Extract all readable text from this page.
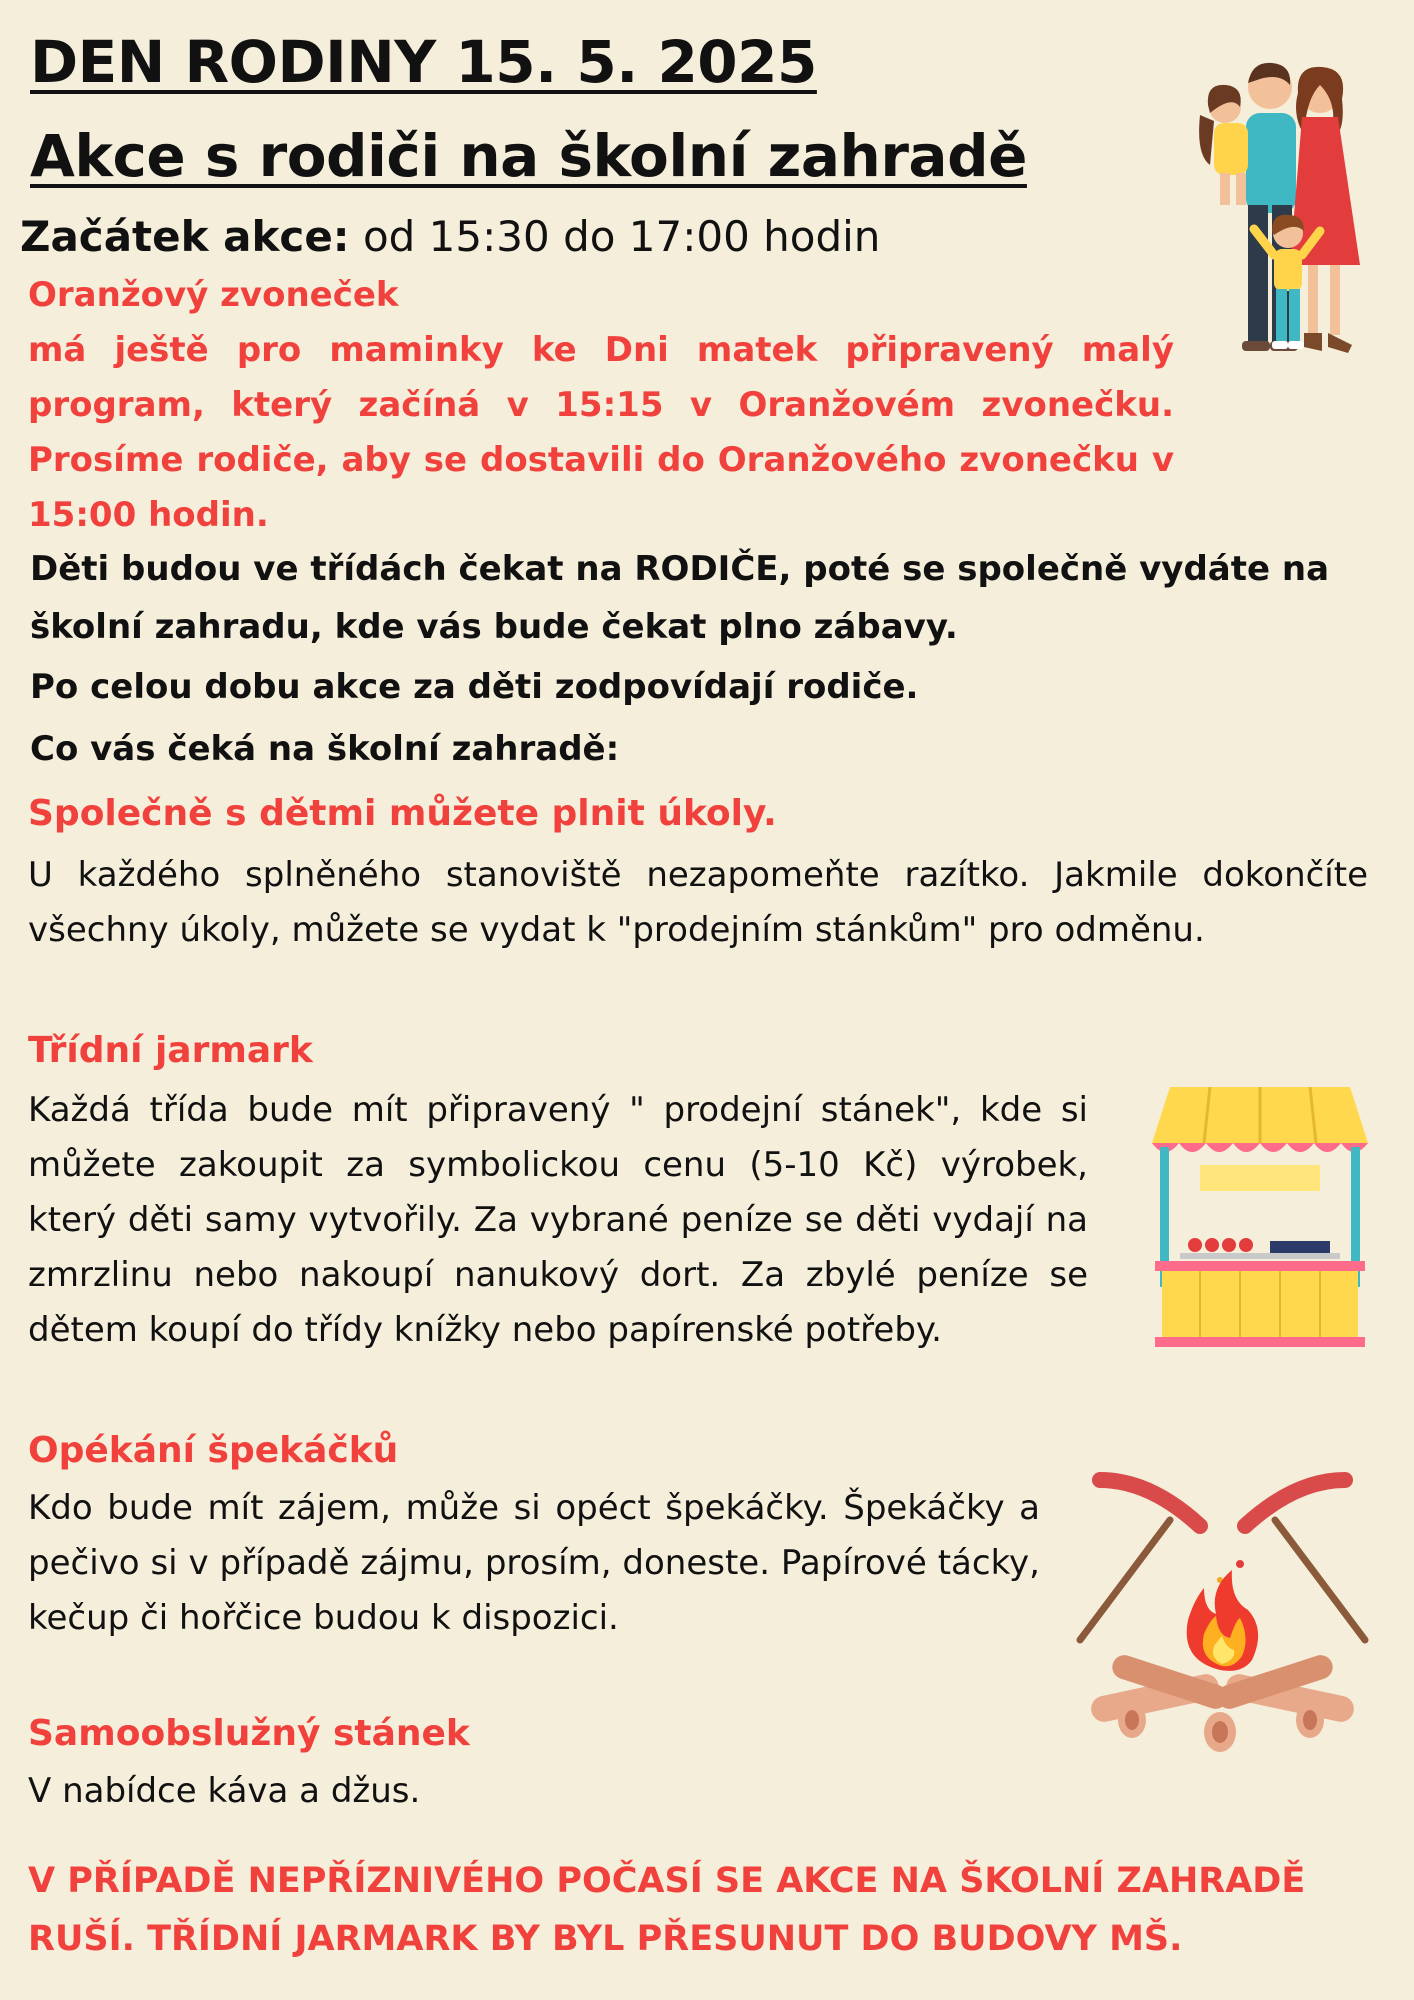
DEN RODINY 15. 5. 2025
Akce s rodiči na školní zahradě
Začátek akce: od 15:30 do 17:00 hodin
Oranžový zvoneček
má ještě pro maminky ke Dni matek připravený malý program, který začíná v 15:15 v Oranžovém zvonečku. Prosíme rodiče, aby se dostavili do Oranžového zvonečku v 15:00 hodin.
Děti budou ve třídách čekat na RODIČE, poté se společně vydáte na školní zahradu, kde vás bude čekat plno zábavy.
Po celou dobu akce za děti zodpovídají rodiče.
Co vás čeká na školní zahradě:
Společně s dětmi můžete plnit úkoly.
U každého splněného stanoviště nezapomeňte razítko. Jakmile dokončíte všechny úkoly, můžete se vydat k "prodejním stánkům" pro odměnu.
Třídní jarmark
Každá třída bude mít připravený " prodejní stánek", kde si můžete zakoupit za symbolickou cenu (5-10 Kč) výrobek, který děti samy vytvořily. Za vybrané peníze se děti vydají na zmrzlinu nebo nakoupí nanukový dort. Za zbylé peníze se dětem koupí do třídy knížky nebo papírenské potřeby.
Opékání špekáčků
Kdo bude mít zájem, může si opéct špekáčky. Špekáčky a pečivo si v případě zájmu, prosím, doneste. Papírové tácky, kečup či hořčice budou k dispozici.
Samoobslužný stánek
V nabídce káva a džus.
V PŘÍPADĚ NEPŘÍZNIVÉHO POČASÍ SE AKCE NA ŠKOLNÍ ZAHRADĚ RUŠÍ. TŘÍDNÍ JARMARK BY BYL PŘESUNUT DO BUDOVY MŠ.
